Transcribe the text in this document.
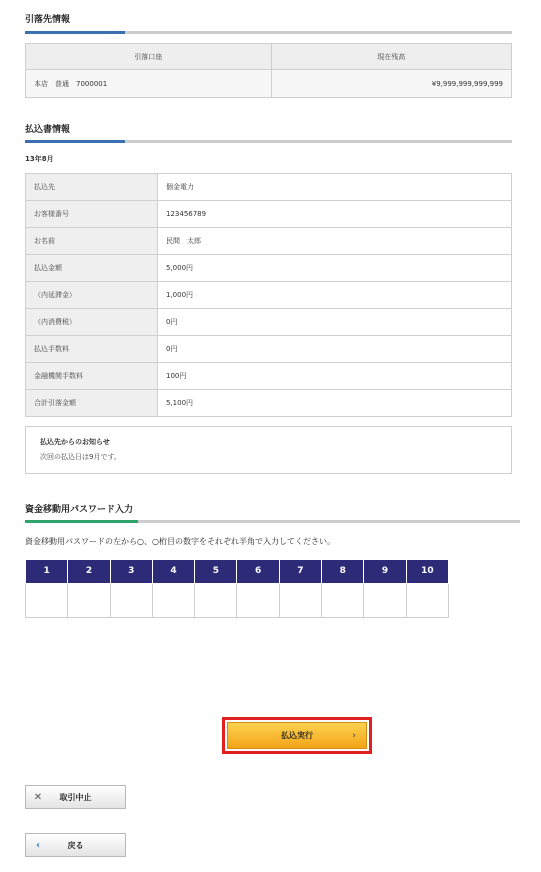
引落先情報
引落口座	現在残高
本店　普通　7000001	¥9,999,999,999,999
払込書情報
13年8月
払込先	個金電力
お客様番号	123456789
お名前	民間　太郎
払込金額	5,000円
（内延滞金）	1,000円
（内消費税）	0円
払込手数料	0円
金融機関手数料	100円
合計引落金額	5,100円
払込先からのお知らせ
次回の払込日は9月です。
資金移動用パスワード入力
資金移動用パスワードの左から○、○桁目の数字をそれぞれ半角で入力してください。
1	2	3	4	5	6	7	8	9	10

払込実行	›
✕	取引中止
‹	戻る
